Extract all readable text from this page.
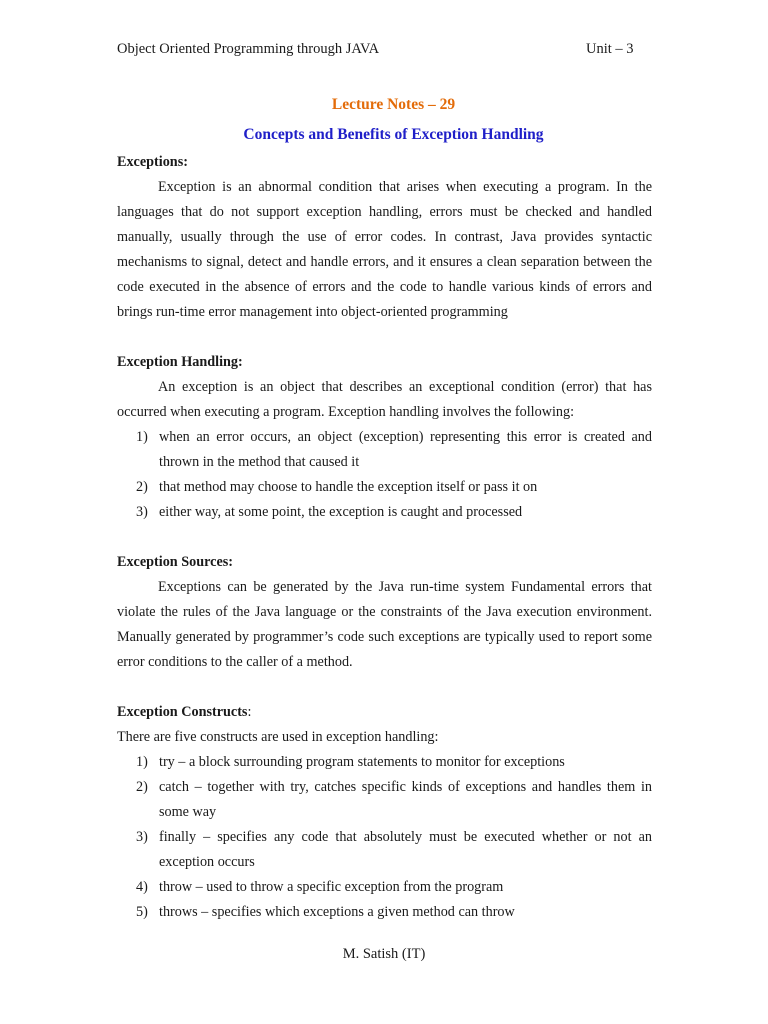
Object Oriented Programming through JAVA	Unit – 3
Lecture Notes – 29
Concepts and Benefits of Exception Handling
Exceptions:

Exception is an abnormal condition that arises when executing a program. In the languages that do not support exception handling, errors must be checked and handled manually, usually through the use of error codes. In contrast, Java provides syntactic mechanisms to signal, detect and handle errors, and it ensures a clean separation between the code executed in the absence of errors and the code to handle various kinds of errors and brings run-time error management into object-oriented programming

Exception Handling:

An exception is an object that describes an exceptional condition (error) that has occurred when executing a program. Exception handling involves the following:

1) when an error occurs, an object (exception) representing this error is created and thrown in the method that caused it
2) that method may choose to handle the exception itself or pass it on
3) either way, at some point, the exception is caught and processed
Exception Sources:

Exceptions can be generated by the Java run-time system Fundamental errors that violate the rules of the Java language or the constraints of the Java execution environment. Manually generated by programmer’s code such exceptions are typically used to report some error conditions to the caller of a method.

Exception Constructs:

There are five constructs are used in exception handling:

1) try – a block surrounding program statements to monitor for exceptions
2) catch – together with try, catches specific kinds of exceptions and handles them in some way
3) finally – specifies any code that absolutely must be executed whether or not an exception occurs
4) throw – used to throw a specific exception from the program
5) throws – specifies which exceptions a given method can throw
M. Satish (IT)
